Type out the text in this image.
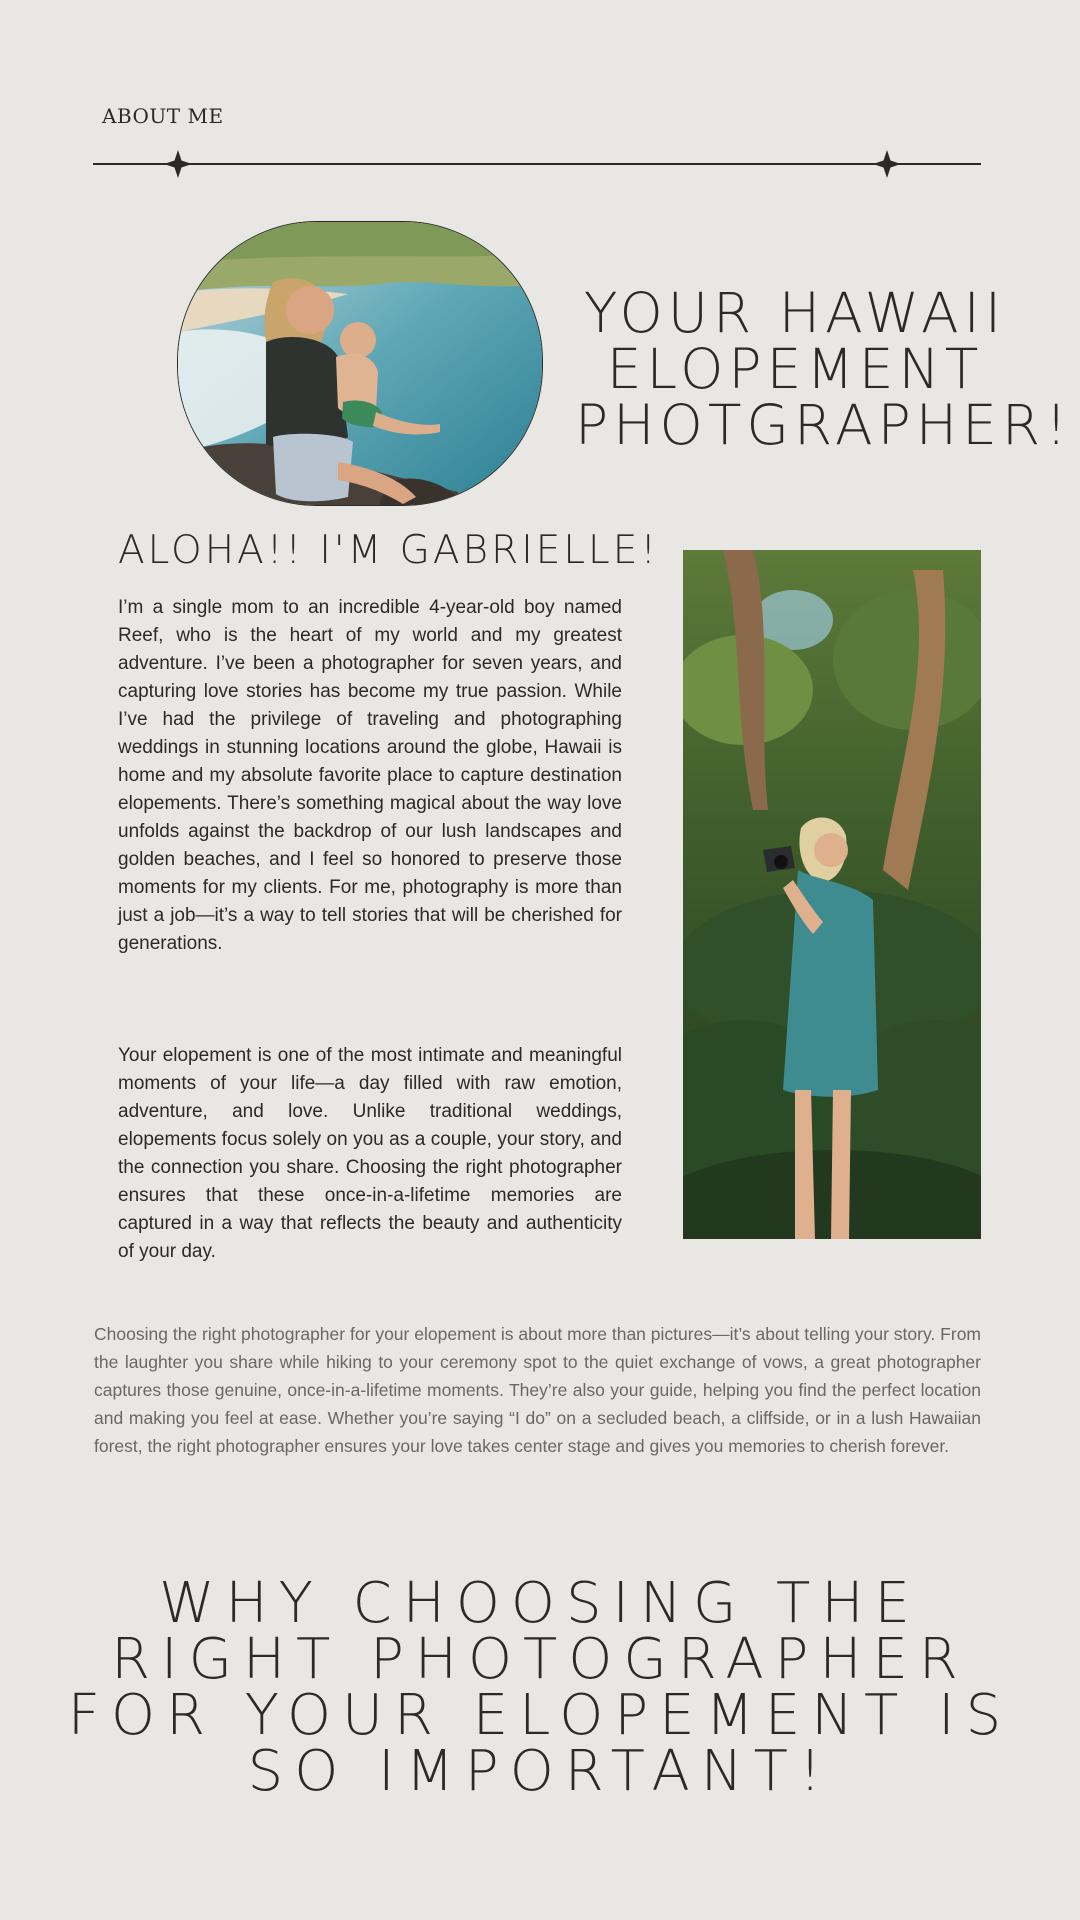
ABOUT ME
YOUR HAWAII
ELOPEMENT
PHOTGRAPHER!
ALOHA!! I'M GABRIELLE!

I’m a single mom to an incredible 4-year-old boy named Reef, who is the heart of my world and my greatest adventure. I’ve been a photographer for seven years, and capturing love stories has become my true passion. While I’ve had the privilege of traveling and photographing weddings in stunning locations around the globe, Hawaii is home and my absolute favorite place to capture destination elopements. There’s something magical about the way love unfolds against the backdrop of our lush landscapes and golden beaches, and I feel so honored to preserve those moments for my clients. For me, photography is more than just a job—it’s a way to tell stories that will be cherished for generations.

Your elopement is one of the most intimate and meaningful moments of your life—a day filled with raw emotion, adventure, and love. Unlike traditional weddings, elopements focus solely on you as a couple, your story, and the connection you share. Choosing the right photographer ensures that these once-in-a-lifetime memories are captured in a way that reflects the beauty and authenticity of your day.

Choosing the right photographer for your elopement is about more than pictures—it’s about telling your story. From the laughter you share while hiking to your ceremony spot to the quiet exchange of vows, a great photographer captures those genuine, once-in-a-lifetime moments. They’re also your guide, helping you find the perfect location and making you feel at ease. Whether you’re saying “I do” on a secluded beach, a cliffside, or in a lush Hawaiian forest, the right photographer ensures your love takes center stage and gives you memories to cherish forever.

WHY CHOOSING THE
RIGHT PHOTOGRAPHER
FOR YOUR ELOPEMENT IS
SO IMPORTANT!
